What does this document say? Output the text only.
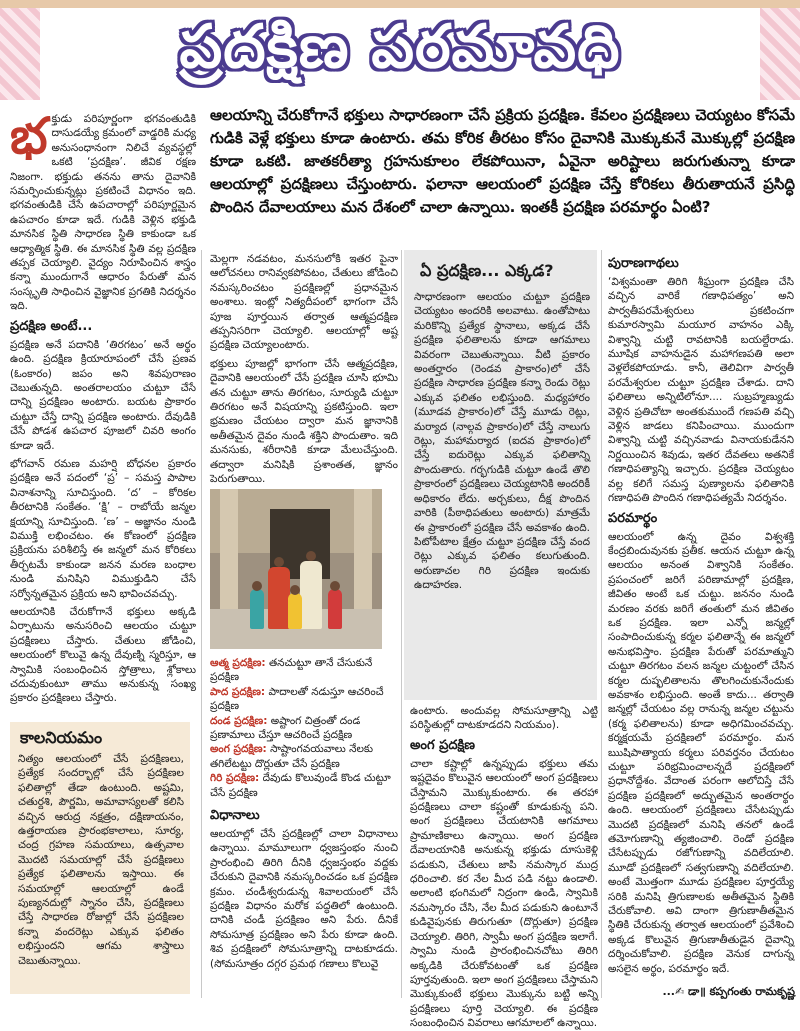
ప్రదక్షిణ పరమావధి
ఆలయాన్ని చేరుకోగానే భక్తులు సాధారణంగా చేసే ప్రక్రియ ప్రదక్షిణ. కేవలం ప్రదక్షిణలు చెయ్యటం కోసమే గుడికి వెళ్లే భక్తులు కూడా ఉంటారు. తమ కోరిక తీరటం కోసం దైవానికి మొక్కుకునే మొక్కుల్లో ప్రదక్షిణ కూడా ఒకటి. జాతకరీత్యా గ్రహనుకూలం లేకపోయినా, ఏవైనా అరిష్టాలు జరుగుతున్నా కూడా ఆలయాల్లో ప్రదక్షిణలు చేస్తుంటారు. ఫలానా ఆలయంలో ప్రదక్షిణ చేస్తే కోరికలు తీరుతాయనే ప్రసిద్ధి పొందిన దేవాలయాలు మన దేశంలో చాలా ఉన్నాయి. ఇంతకీ ప్రదక్షిణ పరమార్థం ఏంటి?

భక్తుడు పరిపూర్ణంగా భగవంతుడికి దాసుడయ్యే క్రమంలో వాడ్డరికి మధ్య అనుసంధానంగా నిలిచే వ్యవస్థల్లో ఒకటి ‘ప్రదక్షిణ’. జీవిక రక్షణ నిజంగా. భక్తుడు తనను తాను దైవానికి సమర్పించుకున్నట్లు ప్రకటించే విధానం ఇది. భగవంతుడికి చేసే ఉపచారాల్లో పరిపూర్ణమైన ఉపచారం కూడా ఇదే. గుడికి వెళ్లిన భక్తుడి మానసిక స్థితి సాధారణ స్థితి కాకుండా ఒక ఆధ్యాత్మిక స్థితి. ఈ మానసిక స్థితి వల్ల ప్రదక్షిణ తప్పక చెయ్యాలి. వైద్యం నిరూపించిన శాస్త్రం కన్నా ముందుగానే ఆధారం పేరుతో మన సంస్కృతి సాధించిన వైజ్ఞానిక ప్రగతికి నిదర్శనం ఇది.

ప్రదక్షిణ అంటే...

ప్రదక్షిణ అనే పదానికి ‘తిరగటం’ అనే అర్థం ఉంది. ప్రదక్షిణ క్రియారూపంలో చేసే ప్రణవ (ఓంకారం) జపం అని శివపురాణం చెబుతున్నది. అంతరాలయం చుట్టూ చేసే దాన్ని ప్రదక్షిణం అంటారు. బయట ప్రాకారం చుట్టూ చేస్తే దాన్ని ప్రదక్షిణ అంటారు. దేవుడికి చేసే పోడశ ఉపచార పూజలో చివరి అంగం కూడా ఇదే.

భోగవాన్ రమణ మహర్షి బోధనల ప్రకారం ప్రదక్షిణ అనే పదంలో ‘ప్ర’ – సమస్త పాపాల వినాశనాన్ని సూచిస్తుంది. ‘ద’ – కోరికల తీరటానికి సంకేతం. ‘క్షి’ – రాబోయే జన్మల క్షయాన్ని సూచిస్తుంది. ‘ణ’ – అజ్ఞానం నుండి విముక్తి లభించటం. ఈ కోణంలో ప్రదక్షిణ ప్రక్రియను పరిశీలిస్తే ఈ జన్మలో మన కోరికలు తీర్చటమే కాకుండా జనన మరణ బంధాల నుండి మనిషిని విముక్తుడిని చేసే సర్వోన్నతమైన ప్రక్రియ అని భావించవచ్చు.

ఆలయానికి చేరుకోగానే భక్తులు అక్కడి ఏర్పాటును అనుసరించి ఆలయం చుట్టూ ప్రదక్షిణలు చేస్తారు. చేతులు జోడించి, ఆలయంలో కొలువై ఉన్న దేవుణ్ని స్మరిస్తూ, ఆ స్వామికి సంబంధించిన స్తోత్రాలు, శ్లోకాలు చదువుకుంటూ తాము అనుకున్న సంఖ్య ప్రకారం ప్రదక్షిణలు చేస్తారు.

కాలనియమం
నిత్యం ఆలయంలో చేసే ప్రదక్షిణలు, ప్రత్యేక సందర్భాల్లో చేసే ప్రదక్షిణల ఫలితాల్లో తేడా ఉంటుంది. అష్టమి, చతుర్దశి, పౌర్ణమి, అమావాస్యలతో కలిసి వచ్చిన ఆరుద్ర నక్షత్రం, దక్షిణాయనం, ఉత్తరాయణ ప్రారంభకాలాలు, సూర్య, చంద్ర గ్రహణ సమయాలు, ఉత్సవాల మొదటి సమయాల్లో చేసే ప్రదక్షిణలు ప్రత్యేక ఫలితాలను ఇస్తాయి. ఈ సమయాల్లో ఆలయాల్లో ఉండే పుణ్యనదుల్లో స్నానం చేసి, ప్రదక్షిణలు చేస్తే సాధారణ రోజుల్లో చేసే ప్రదక్షిణల కన్నా వందరెట్లు ఎక్కువ ఫలితం లభిస్తుందని ఆగమ శాస్త్రాలు చెబుతున్నాయి.

మెల్లగా నడవటం, మనసులోకి ఇతర పైనా ఆలోచనలు రానివ్వకపోవటం, చేతులు జోడించి నమస్కరించటం ప్రదక్షిణల్లో ప్రధానమైన అంశాలు. ఇంట్లో నిత్యదీపంలో భాగంగా చేసే పూజ పూర్తయిన తర్వాత ఆత్మప్రదక్షిణ తప్పనిసరిగా చెయ్యాలి. ఆలయాల్లో అష్ట ప్రదక్షిణ చెయ్యాలంటారు.

భక్తులు పూజల్లో భాగంగా చేసే ఆత్మప్రదక్షిణ, దైవానికి ఆలయంలో చేసే ప్రదక్షిణ చూసి భూమి తన చుట్టూ తాను తిరగటం, సూర్యుడి చుట్టూ తిరగటం అనే విషయాన్ని ప్రకటిస్తుంది. ఇలా భ్రమణం చేయటం ద్వారా మన జ్ఞానానికి అతీతమైన దైవం నుండి శక్తిని పొందుతాం. ఇది మనసుకు, శరీరానికి కూడా మేలుచేస్తుంది. తద్వారా మనిషికి ప్రశాంతత, జ్ఞానం పెరుగుతాయి.

ఆత్మ ప్రదక్షిణ: తనచుట్టూ తానే చేసుకునే ప్రదక్షిణ
పాద ప్రదక్షిణ: పాదాలతో నడుస్తూ ఆచరించే ప్రదక్షిణ
దండ ప్రదక్షిణ: అష్టాంగ చిత్రంతో దండ ప్రణామాలు చేస్తూ ఆచరించే ప్రదక్షిణ
అంగ ప్రదక్షిణ: సాష్టాంగవయవాలు నేలకు తగిలేటట్టు దొర్లుతూ చేసే ప్రదక్షిణ
గిరి ప్రదక్షిణ: దేవుడు కొలువుండే కొండ చుట్టూ చేసే ప్రదక్షిణ
విధానాలు

ఆలయాల్లో చేసే ప్రదక్షిణల్లో చాలా విధానాలు ఉన్నాయి. మామూలుగా ధ్వజస్తంభం నుంచి ప్రారంభించి తిరిగి దీనికి ధ్వజస్తంభం వద్దకు చేరుకుని దైవానికి నమస్కరించడం ఒక ప్రదక్షిణ క్రమం. చండీశ్వరుడున్న శివాలయంలో చేసే ప్రదక్షిణ విధానం మరోక పద్ధతిలో ఉంటుంది. దానికి చండీ ప్రదక్షిణం అని పేరు. దీనికే సోమసూత్ర ప్రదక్షిణం అని పేరు కూడా ఉంది. శివ ప్రదక్షిణలో సోమసూత్రాన్ని దాటకూడదు. (సోమసూత్రం దగ్గర ప్రమథ గణాలు కొలువై

ఏ ప్రదక్షిణ... ఎక్కడ?
సాధారణంగా ఆలయం చుట్టూ ప్రదక్షిణ చెయ్యటం అందరికి అలవాటు. ఉంతోపాటు మరికొన్ని ప్రత్యేక స్థానాలు, అక్కడ చేసే ప్రదక్షిణ ఫలితాలను కూడా ఆగమాలు వివరంగా చెబుతున్నాయి. వీటి ప్రకారం అంతర్హారం (రెండవ ప్రాకారం)లో చేసే ప్రదక్షిణ సాధారణ ప్రదక్షిణ కన్నా రెండు రెట్లు ఎక్కువ ఫలితం లభిస్తుంది. మధ్యహారం (మూడవ ప్రాకారం)లో చేస్తే మూడు రెట్లు, మర్యాద (నాల్గవ ప్రాకారం)లో చేస్తే నాలుగు రెట్లు, మహామర్యాద (ఐదవ ప్రాకారం)లో చేస్తే ఐదురెట్లు ఎక్కువ ఫలితాన్ని పొందుతారు. గర్భగుడికి చుట్టూ ఉండే తొలి ప్రాకారంలో ప్రదక్షిణలు చెయ్యటానికి అందరికీ అధికారం లేదు. అర్చకులు, దీక్ష పొందిన వారికి (పీఠాధిపతులు అంటారు) మాత్రమే ఈ ప్రాకారంలో ప్రదక్షిణ చేసే అవకాశం ఉంది. పిటోపీటాల క్షేత్రం చుట్టూ ప్రదక్షిణ చేస్తే వంద రెట్లు ఎక్కువ ఫలితం కలుగుతుంది. అరుణాచల గిరి ప్రదక్షిణ ఇందుకు ఉదాహరణ.

ఉంటారు. అందువల్ల సోమసూత్రాన్ని ఎట్టి పరిస్థితుల్లో దాటకూడదని నియమం).

అంగ ప్రదక్షిణ

చాలా కష్టాల్లో ఉన్నప్పుడు భక్తులు తమ ఇష్టదైవం కొలువైన ఆలయంలో అంగ ప్రదక్షిణలు చేస్తామని మొక్కుకుంటారు. ఈ తరహా ప్రదక్షిణలు చాలా కష్టంతో కూడుకున్న పని. అంగ ప్రదక్షిణలు చేయటానికి ఆగమాలు ప్రామాణికాలు ఉన్నాయి. అంగ ప్రదక్షిణ దేవాలయానికి అనుకున్న భక్తుడు దూసుకెళ్లి పడుకుని, చేతులు జాపి నమస్కార ముద్ర ధరించాలి. కర నేల మీద పడి నట్టు ఉండాలి. అలాంటి భంగిమలో నిద్రంగా ఉండి, స్వామికి నమస్కారం చేసి, నేల మీద పడుకుని ఉంటూనే కుడివైపునకు తిరుగుతూ (దొర్లుతూ) ప్రదక్షిణ చెయ్యాలి. తిరిగి, స్వామీ అంగ ప్రదక్షిణ ఇలాగే. స్వామి నుండి ప్రారంభించినచోటు తిరిగి అక్కడికి చేరుకోవటంతో ఒక ప్రదక్షిణ పూర్తవుతుంది. ఇలా అంగ ప్రదక్షిణలు చేస్తామని మొక్కుకుంటే భక్తులు మొక్కును బట్టి అన్ని ప్రదక్షిణలు పూర్తి చెయ్యాలి. ఈ ప్రదక్షిణ సంబంధించిన వివరాలు ఆగమాలలో ఉన్నాయి.

పురాణగాథలు

‘విశ్వమంతా తిరిగి శీఘ్రంగా ప్రదక్షిణ చేసి వచ్చిన వారికే గణాధిపత్యం’ అని పార్వతీపరమేశ్వరులు ప్రకటించగా కుమారస్వామి మయూర వాహనం ఎక్కి విశ్వాన్ని చుట్టి రావటానికి బయల్దేరాడు. మూషిక వాహనుడైన మహాగణపతి అలా వెళ్లలేకపోయాడు. కానీ, తెలివిగా పార్వతీ పరమేశ్వరుల చుట్టూ ప్రదక్షిణ చేశాడు. దాని ఫలితాలు అన్నిటిలోనూ.... సుబ్రహ్మణ్యుడు వెళ్లిన ప్రతిచోటా అంతకుముందే గణపతి వచ్చి వెళ్లిన జాడలు కనిపించాయి. ముందుగా విశ్వాన్ని చుట్టి వచ్చినవాడు వినాయకుడేనని నిర్ణయించిన శివుడు, ఇతర దేవతలు అతనికే గణాధిపత్యాన్ని ఇచ్చారు. ప్రదక్షిణ చెయ్యటం వల్ల కలిగే సమస్త పుణ్యాలను ఫలితానికి గణాధిపతి పొందిన గణాధిపత్యమే నిదర్శనం.

పరమార్థం

ఆలయంలో ఉన్న దైవం విశ్వశక్తి కేంద్రబిందువునకు ప్రతీక. ఆయన చుట్టూ ఉన్న ఆలయం అనంత విశ్వానికి సంకేతం. ప్రపంచంలో జరిగే పరిణామాల్లో ప్రదక్షిణ, జీవితం అంటే ఒక చుట్టు. జననం నుండి మరణం వరకు జరిగే తంతులో మన జీవితం ఒక ప్రదక్షిణ. ఇలా ఎన్నో జన్మల్లో సంపాదించుకున్న కర్మల ఫలితాన్నే ఈ జన్మలో అనుభవిస్తాం. ప్రదక్షిణ పేరుతో పరమాత్ముని చుట్టూ తిరగటం వలన జన్మల చుట్టంలో చేసిన కర్మల దుష్ఫలితాలను తొలగించుకునేందుకు అవకాశం లభిస్తుంది. అంతే కాదు... తర్వాతి జన్మల్లో చేయటం వల్ల రానున్న జన్మల చట్టును (కర్మ ఫలితాలను) కూడా అధిగమించవచ్చు. కర్మక్షయమే ప్రదక్షిణలో పరమార్థం. మన ఋషిపాత్యాయ కర్మలు పరివర్తనం చేయటం చుట్టూ పరిభ్రమించాలన్నదే ప్రదక్షిణలో ప్రధానోద్దేశం. వేదాంత పరంగా ఆలోచిస్తే చేసే ప్రదక్షిణ ప్రదక్షిణలో అద్భుతమైన అంతరార్థం ఉంది. ఆలయంలో ప్రదక్షిణలు చేసేటప్పుడు మొదటి ప్రదక్షిణలో మనిషి తనలో ఉండే తమోగుణాన్ని త్యజించాలి. రెండో ప్రదక్షిణ చేసేటప్పుడు రజోగుణాన్ని వదిలేయాలి. మూడో ప్రదక్షిణలో సత్వగుణాన్ని వదిలేయాలి. అంటే మొత్తంగా మూడు ప్రదక్షిణల పూర్తయ్యే సరికి మనిషి త్రిగుణాలకు అతీతమైన స్థితికి చేరుకోవాలి. అవి దాంగా త్రిగుణాతీతమైన స్థితికి చేరుకున్న తర్వాత ఆలయంలో ప్రవేశించి అక్కడ కొలువైన త్రిగుణాతీతుడైన దైవాన్ని దర్శించుకోవాలి. ప్రదక్షిణ వెనుక దాగున్న అసలైన అర్థం, పరమార్థం ఇదే.

...✍ డా॥ కప్పగంతు రామకృష్ణ
